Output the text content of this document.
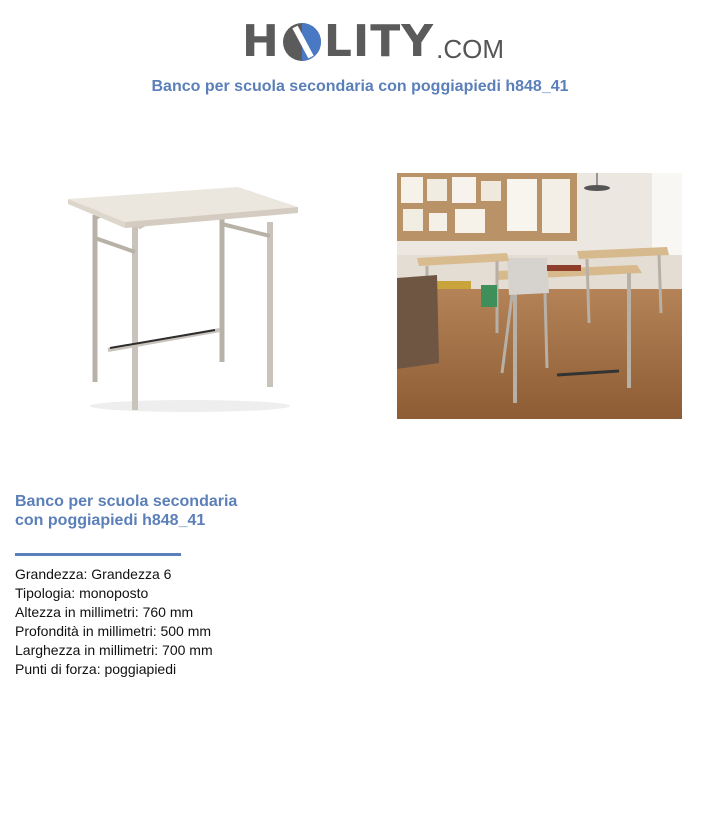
H LITY .COM
Banco per scuola secondaria con poggiapiedi h848_41
Banco per scuola secondaria con poggiapiedi h848_41
Grandezza: Grandezza 6
Tipologia: monoposto
Altezza in millimetri: 760 mm
Profondità in millimetri: 500 mm
Larghezza in millimetri: 700 mm
Punti di forza: poggiapiedi
